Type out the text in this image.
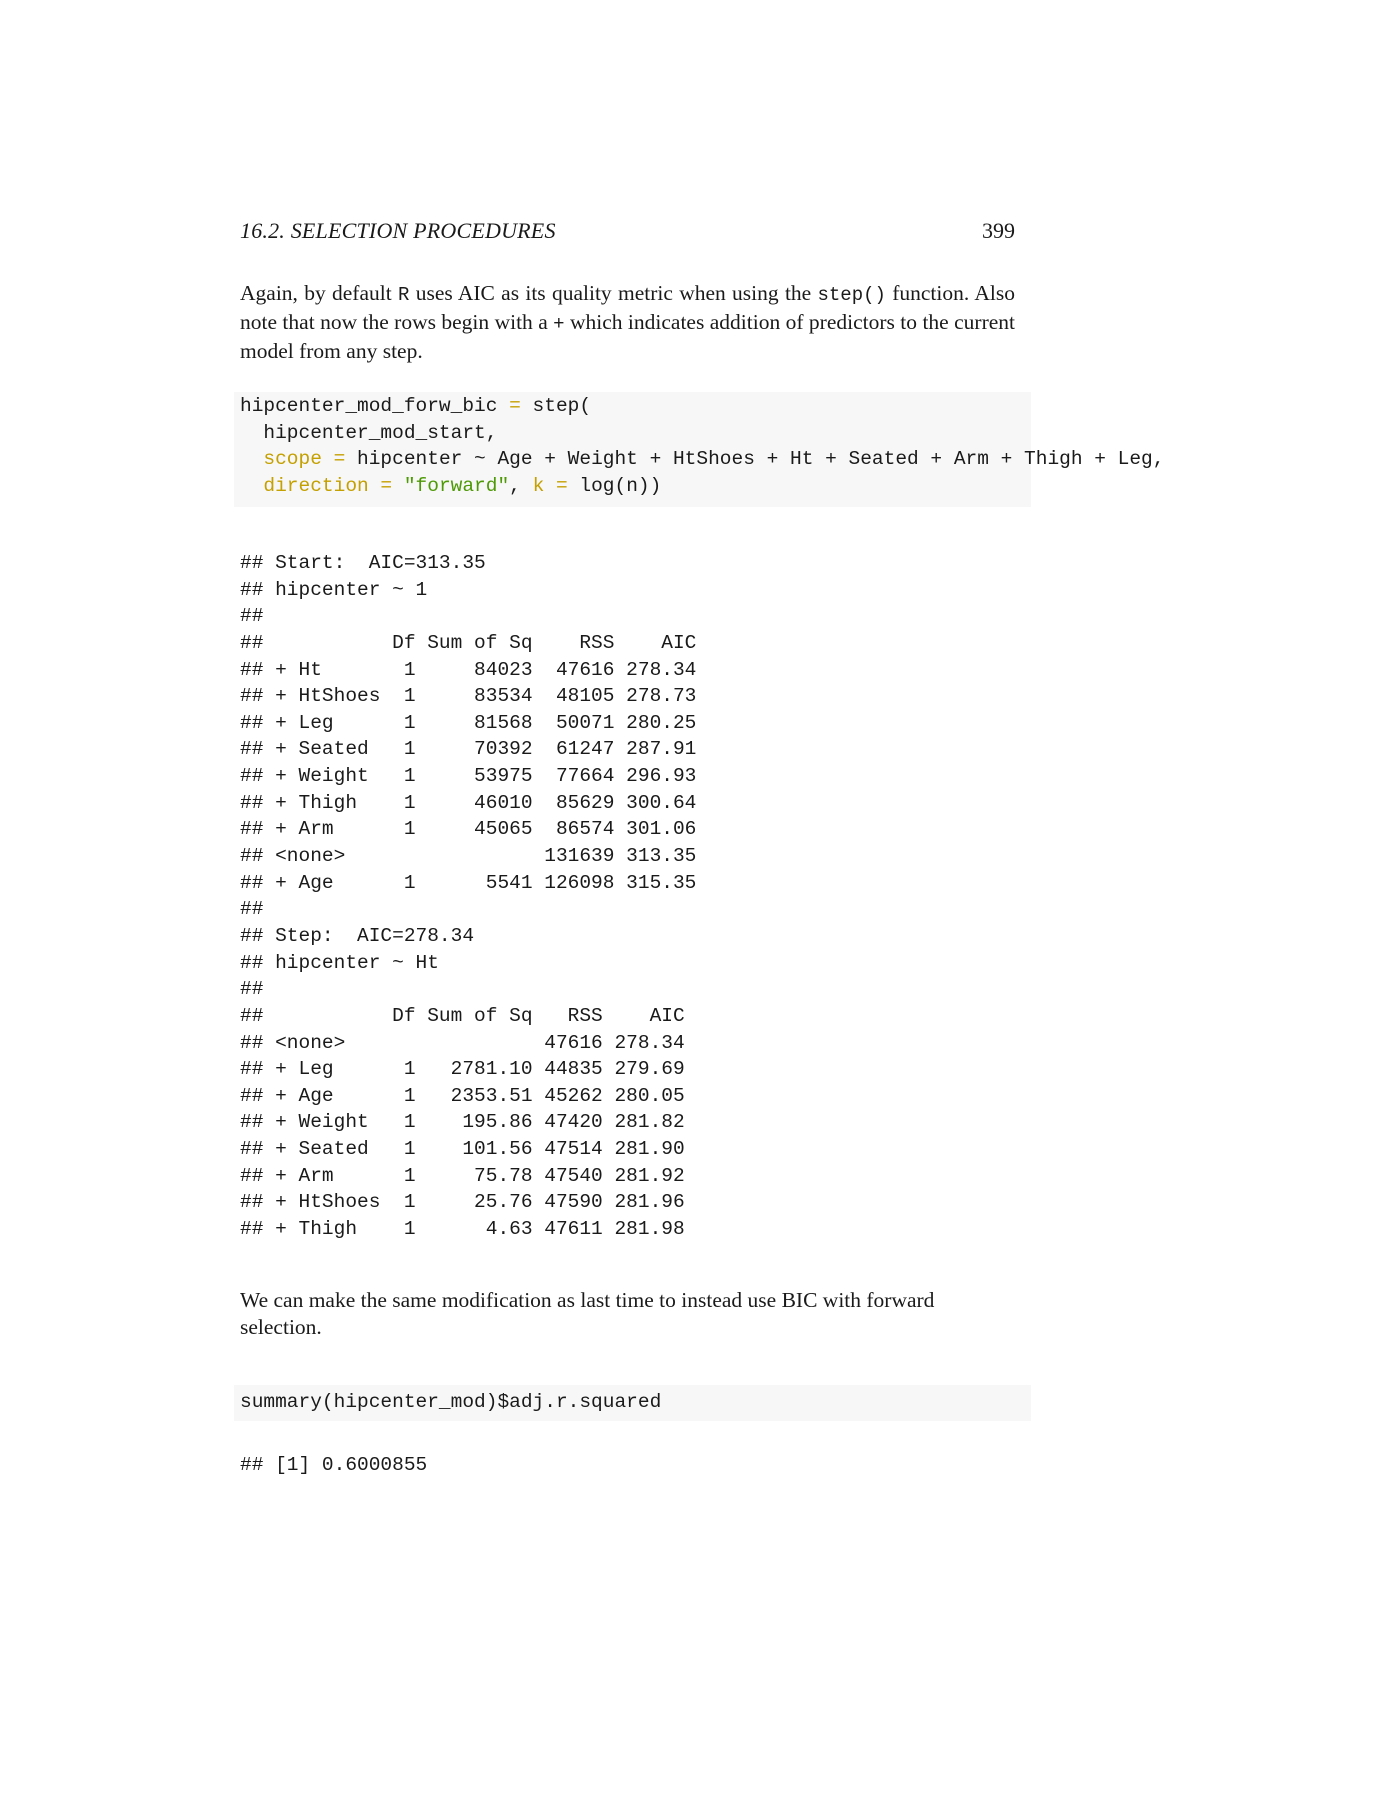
16.2. SELECTION PROCEDURES	399
Again, by default R uses AIC as its quality metric when using the step() function. Also note that now the rows begin with a + which indicates addition of predictors to the current model from any step.
hipcenter_mod_forw_bic = step(
hipcenter_mod_start,
scope = hipcenter ~ Age + Weight + HtShoes + Ht + Seated + Arm + Thigh + Leg,
direction = "forward", k = log(n))
## Start:  AIC=313.35
## hipcenter ~ 1
##
##           Df Sum of Sq    RSS    AIC
## + Ht       1     84023  47616 278.34
## + HtShoes  1     83534  48105 278.73
## + Leg      1     81568  50071 280.25
## + Seated   1     70392  61247 287.91
## + Weight   1     53975  77664 296.93
## + Thigh    1     46010  85629 300.64
## + Arm      1     45065  86574 301.06
## <none>                 131639 313.35
## + Age      1      5541 126098 315.35
##
## Step:  AIC=278.34
## hipcenter ~ Ht
##
##           Df Sum of Sq   RSS    AIC
## <none>                 47616 278.34
## + Leg      1   2781.10 44835 279.69
## + Age      1   2353.51 45262 280.05
## + Weight   1    195.86 47420 281.82
## + Seated   1    101.56 47514 281.90
## + Arm      1     75.78 47540 281.92
## + HtShoes  1     25.76 47590 281.96
## + Thigh    1      4.63 47611 281.98
We can make the same modification as last time to instead use BIC with forward selection.
summary(hipcenter_mod)$adj.r.squared
## [1] 0.6000855
